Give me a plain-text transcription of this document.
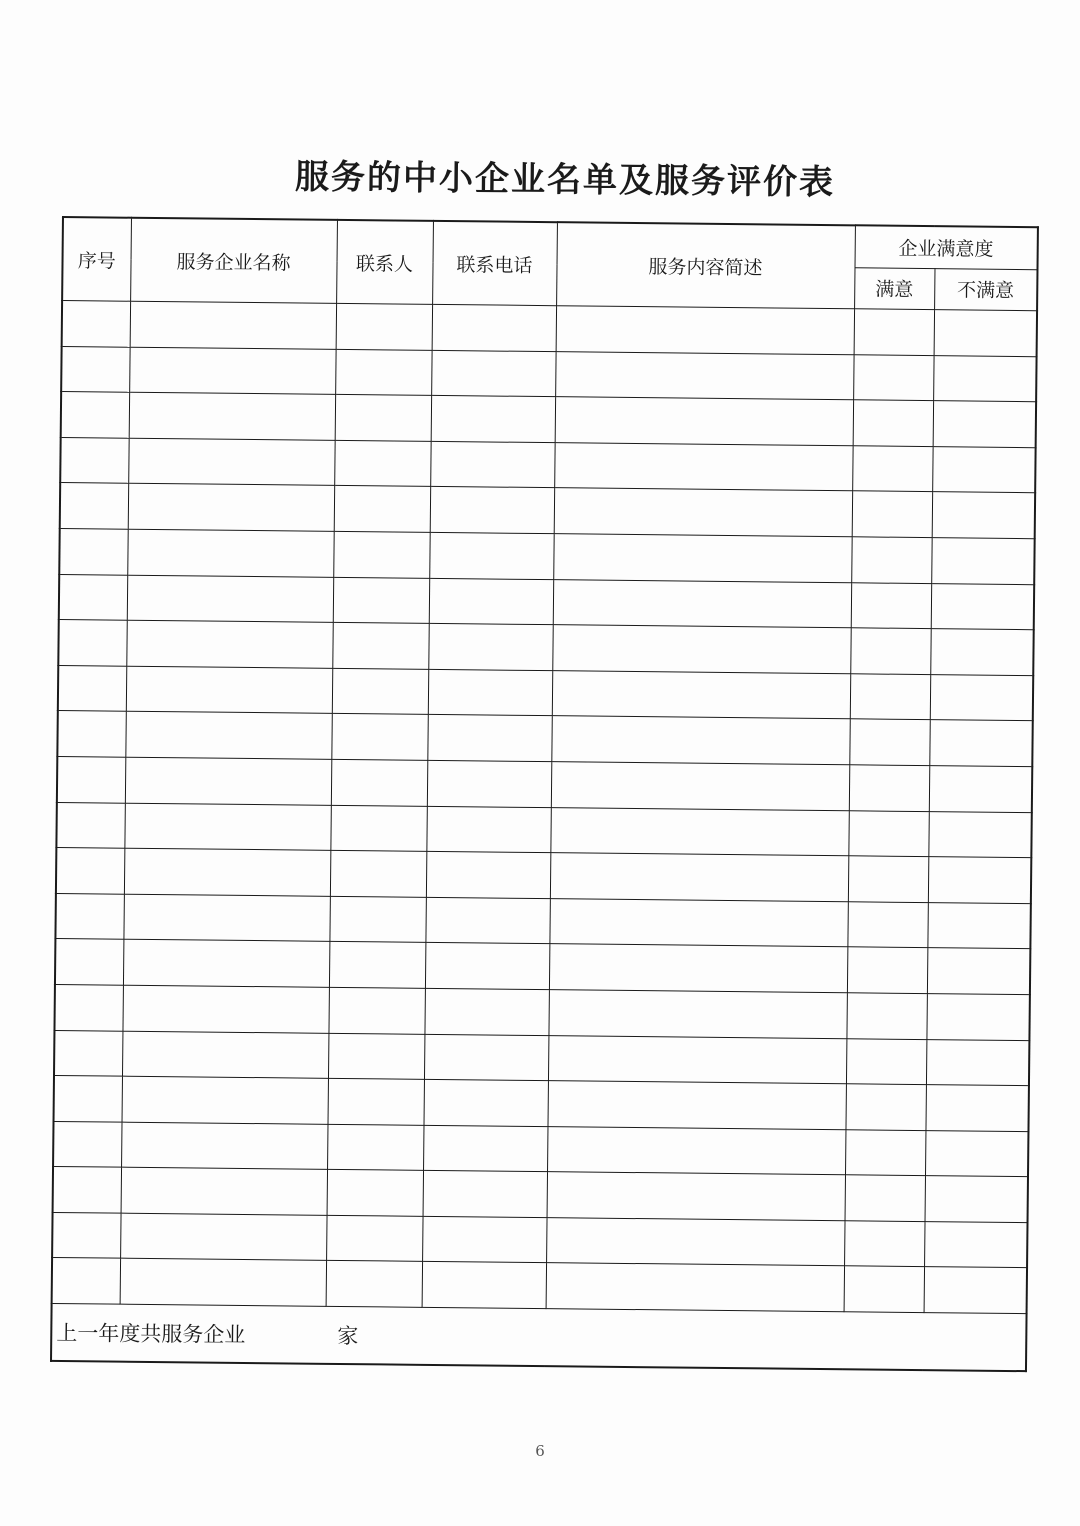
服务的中小企业名单及服务评价表
序号	服务企业名称	联系人	联系电话	服务内容简述	企业满意度	
					满意	不满意

上一年度共服务企业 家						
6
